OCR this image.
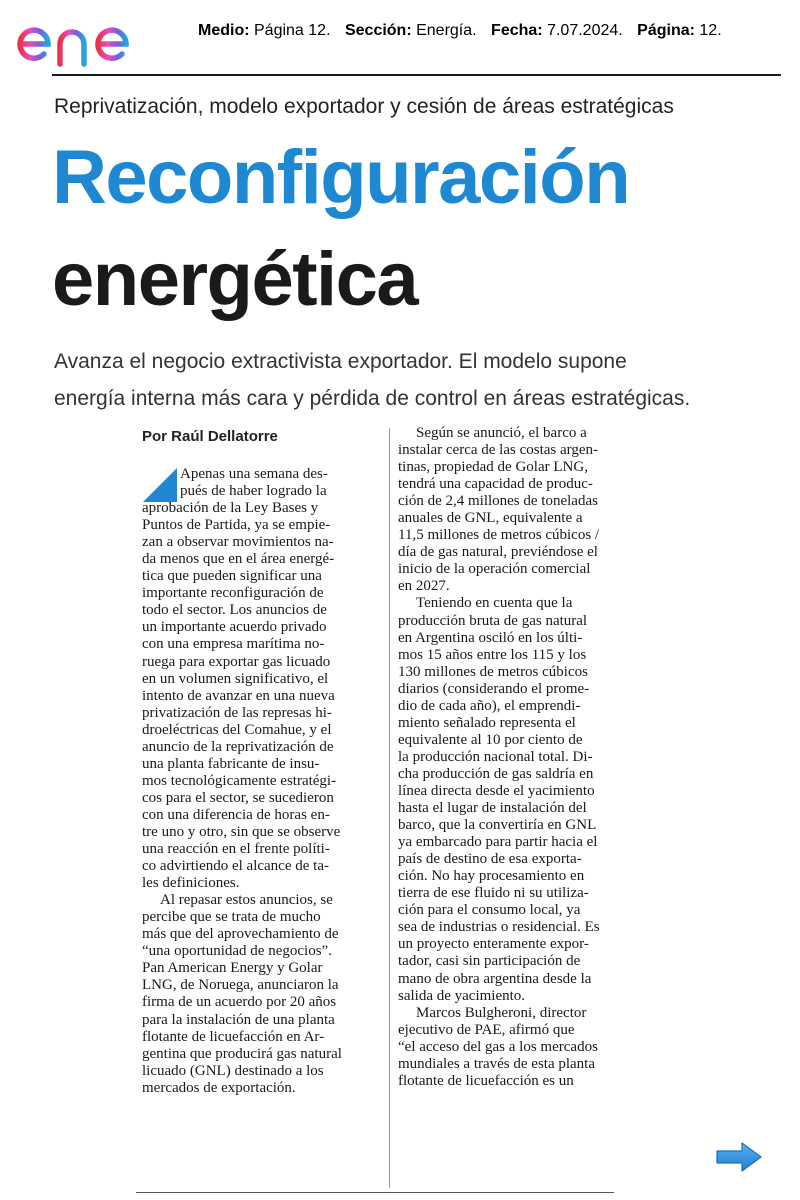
Medio: Página 12. Sección: Energía. Fecha: 7.07.2024. Página: 12.
Reprivatización, modelo exportador y cesión de áreas estratégicas
Reconfiguración
energética
Avanza el negocio extractivista exportador. El modelo supone
energía interna más cara y pérdida de control en áreas estratégicas.
Por Raúl Dellatorre
Apenas una semana des-
pués de haber logrado la
aprobación de la Ley Bases y
Puntos de Partida, ya se empie-
zan a observar movimientos na-
da menos que en el área energé-
tica que pueden significar una
importante reconfiguración de
todo el sector. Los anuncios de
un importante acuerdo privado
con una empresa marítima no-
ruega para exportar gas licuado
en un volumen significativo, el
intento de avanzar en una nueva
privatización de las represas hi-
droeléctricas del Comahue, y el
anuncio de la reprivatización de
una planta fabricante de insu-
mos tecnológicamente estratégi-
cos para el sector, se sucedieron
con una diferencia de horas en-
tre uno y otro, sin que se observe
una reacción en el frente políti-
co advirtiendo el alcance de ta-
les definiciones.
Al repasar estos anuncios, se
percibe que se trata de mucho
más que del aprovechamiento de
“una oportunidad de negocios”.
Pan American Energy y Golar
LNG, de Noruega, anunciaron la
firma de un acuerdo por 20 años
para la instalación de una planta
flotante de licuefacción en Ar-
gentina que producirá gas natural
licuado (GNL) destinado a los
mercados de exportación.
Según se anunció, el barco a
instalar cerca de las costas argen-
tinas, propiedad de Golar LNG,
tendrá una capacidad de produc-
ción de 2,4 millones de toneladas
anuales de GNL, equivalente a
11,5 millones de metros cúbicos /
día de gas natural, previéndose el
inicio de la operación comercial
en 2027.
Teniendo en cuenta que la
producción bruta de gas natural
en Argentina osciló en los últi-
mos 15 años entre los 115 y los
130 millones de metros cúbicos
diarios (considerando el prome-
dio de cada año), el emprendi-
miento señalado representa el
equivalente al 10 por ciento de
la producción nacional total. Di-
cha producción de gas saldría en
línea directa desde el yacimiento
hasta el lugar de instalación del
barco, que la convertiría en GNL
ya embarcado para partir hacia el
país de destino de esa exporta-
ción. No hay procesamiento en
tierra de ese fluido ni su utiliza-
ción para el consumo local, ya
sea de industrias o residencial. Es
un proyecto enteramente expor-
tador, casi sin participación de
mano de obra argentina desde la
salida de yacimiento.
Marcos Bulgheroni, director
ejecutivo de PAE, afirmó que
“el acceso del gas a los mercados
mundiales a través de esta planta
flotante de licuefacción es un
